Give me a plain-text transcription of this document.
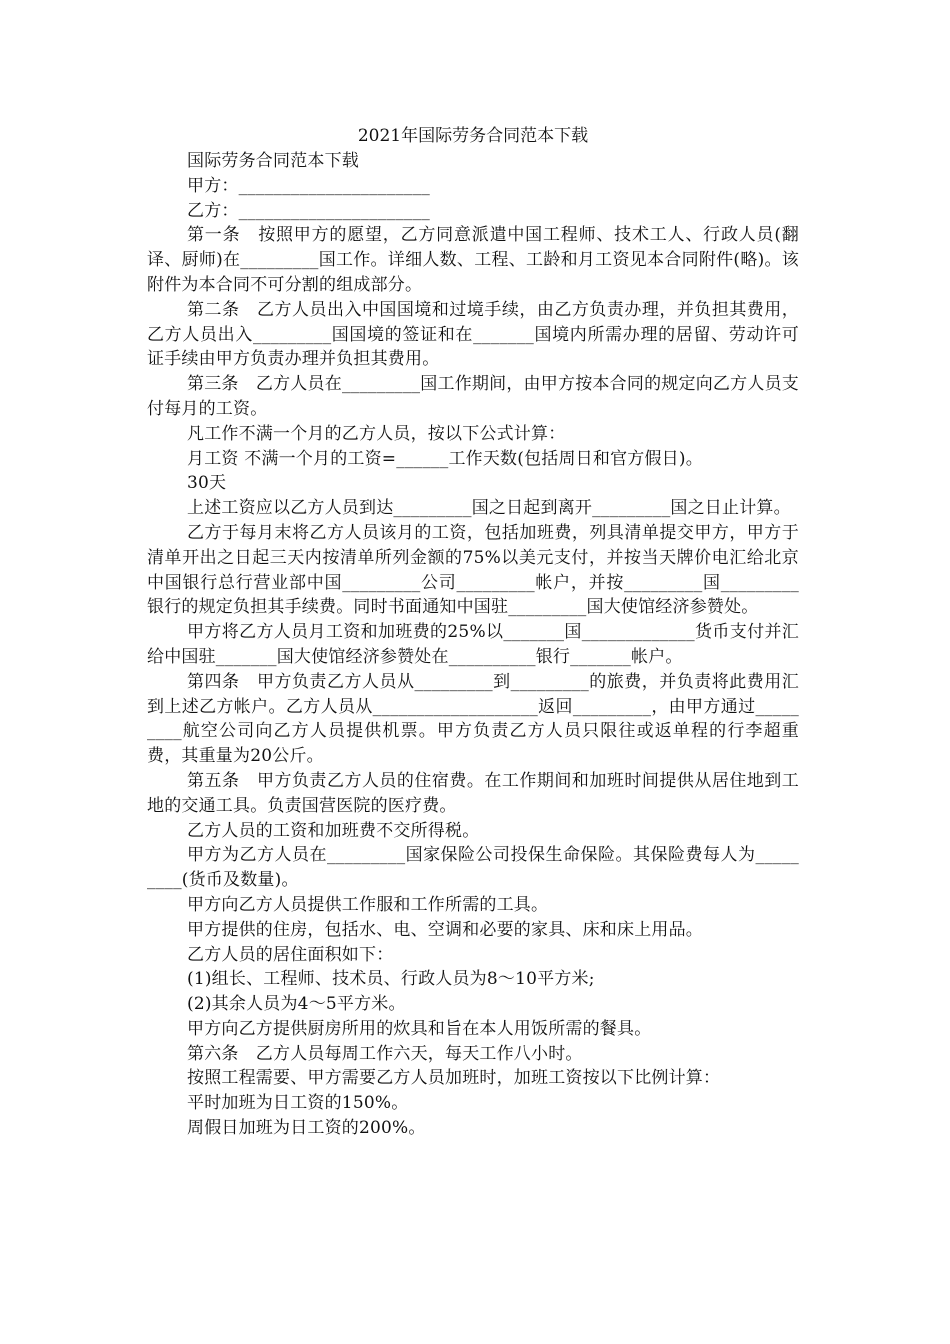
2021年国际劳务合同范本下载

国际劳务合同范本下载

甲方：______________________

乙方：______________________

第一条　按照甲方的愿望，乙方同意派遣中国工程师、技术工人、行政人员(翻译、厨师)在_________国工作。详细人数、工程、工龄和月工资见本合同附件(略)。该附件为本合同不可分割的组成部分。

第二条　乙方人员出入中国国境和过境手续，由乙方负责办理，并负担其费用，乙方人员出入_________国国境的签证和在_______国境内所需办理的居留、劳动许可证手续由甲方负责办理并负担其费用。

第三条　乙方人员在_________国工作期间，由甲方按本合同的规定向乙方人员支付每月的工资。

凡工作不满一个月的乙方人员，按以下公式计算：

月工资 不满一个月的工资=______工作天数(包括周日和官方假日)。

30天

上述工资应以乙方人员到达_________国之日起到离开_________国之日止计算。

乙方于每月末将乙方人员该月的工资，包括加班费，列具清单提交甲方，甲方于清单开出之日起三天内按清单所列金额的75%以美元支付，并按当天牌价电汇给北京中国银行总行营业部中国_________公司_________帐户，并按_________国_________银行的规定负担其手续费。同时书面通知中国驻_________国大使馆经济参赞处。

甲方将乙方人员月工资和加班费的25%以_______国_____________货币支付并汇给中国驻_______国大使馆经济参赞处在__________银行_______帐户。

第四条　甲方负责乙方人员从_________到_________的旅费，并负责将此费用汇到上述乙方帐户。乙方人员从___________________返回_________，由甲方通过_________航空公司向乙方人员提供机票。甲方负责乙方人员只限往或返单程的行李超重费，其重量为20公斤。

第五条　甲方负责乙方人员的住宿费。在工作期间和加班时间提供从居住地到工地的交通工具。负责国营医院的医疗费。

乙方人员的工资和加班费不交所得税。

甲方为乙方人员在_________国家保险公司投保生命保险。其保险费每人为_________(货币及数量)。

甲方向乙方人员提供工作服和工作所需的工具。

甲方提供的住房，包括水、电、空调和必要的家具、床和床上用品。

乙方人员的居住面积如下：

(1)组长、工程师、技术员、行政人员为8～10平方米;

(2)其余人员为4～5平方米。

甲方向乙方提供厨房所用的炊具和旨在本人用饭所需的餐具。

第六条　乙方人员每周工作六天，每天工作八小时。

按照工程需要、甲方需要乙方人员加班时，加班工资按以下比例计算：

平时加班为日工资的150%。

周假日加班为日工资的200%。
